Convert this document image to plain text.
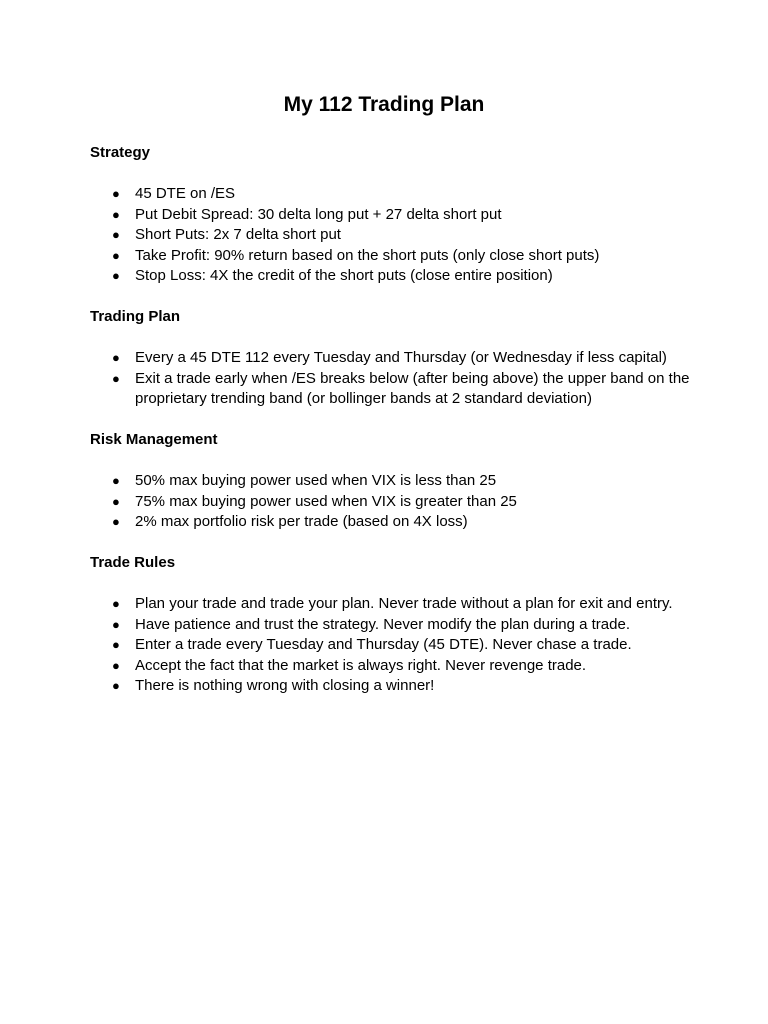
My 112 Trading Plan
Strategy
● 45 DTE on /ES
● Put Debit Spread: 30 delta long put + 27 delta short put
● Short Puts: 2x 7 delta short put
● Take Profit: 90% return based on the short puts (only close short puts)
● Stop Loss: 4X the credit of the short puts (close entire position)
Trading Plan
● Every a 45 DTE 112 every Tuesday and Thursday (or Wednesday if less capital)
● Exit a trade early when /ES breaks below (after being above) the upper band on the proprietary trending band (or bollinger bands at 2 standard deviation)
Risk Management
● 50% max buying power used when VIX is less than 25
● 75% max buying power used when VIX is greater than 25
● 2% max portfolio risk per trade (based on 4X loss)
Trade Rules
● Plan your trade and trade your plan. Never trade without a plan for exit and entry.
● Have patience and trust the strategy. Never modify the plan during a trade.
● Enter a trade every Tuesday and Thursday (45 DTE). Never chase a trade.
● Accept the fact that the market is always right. Never revenge trade.
● There is nothing wrong with closing a winner!
